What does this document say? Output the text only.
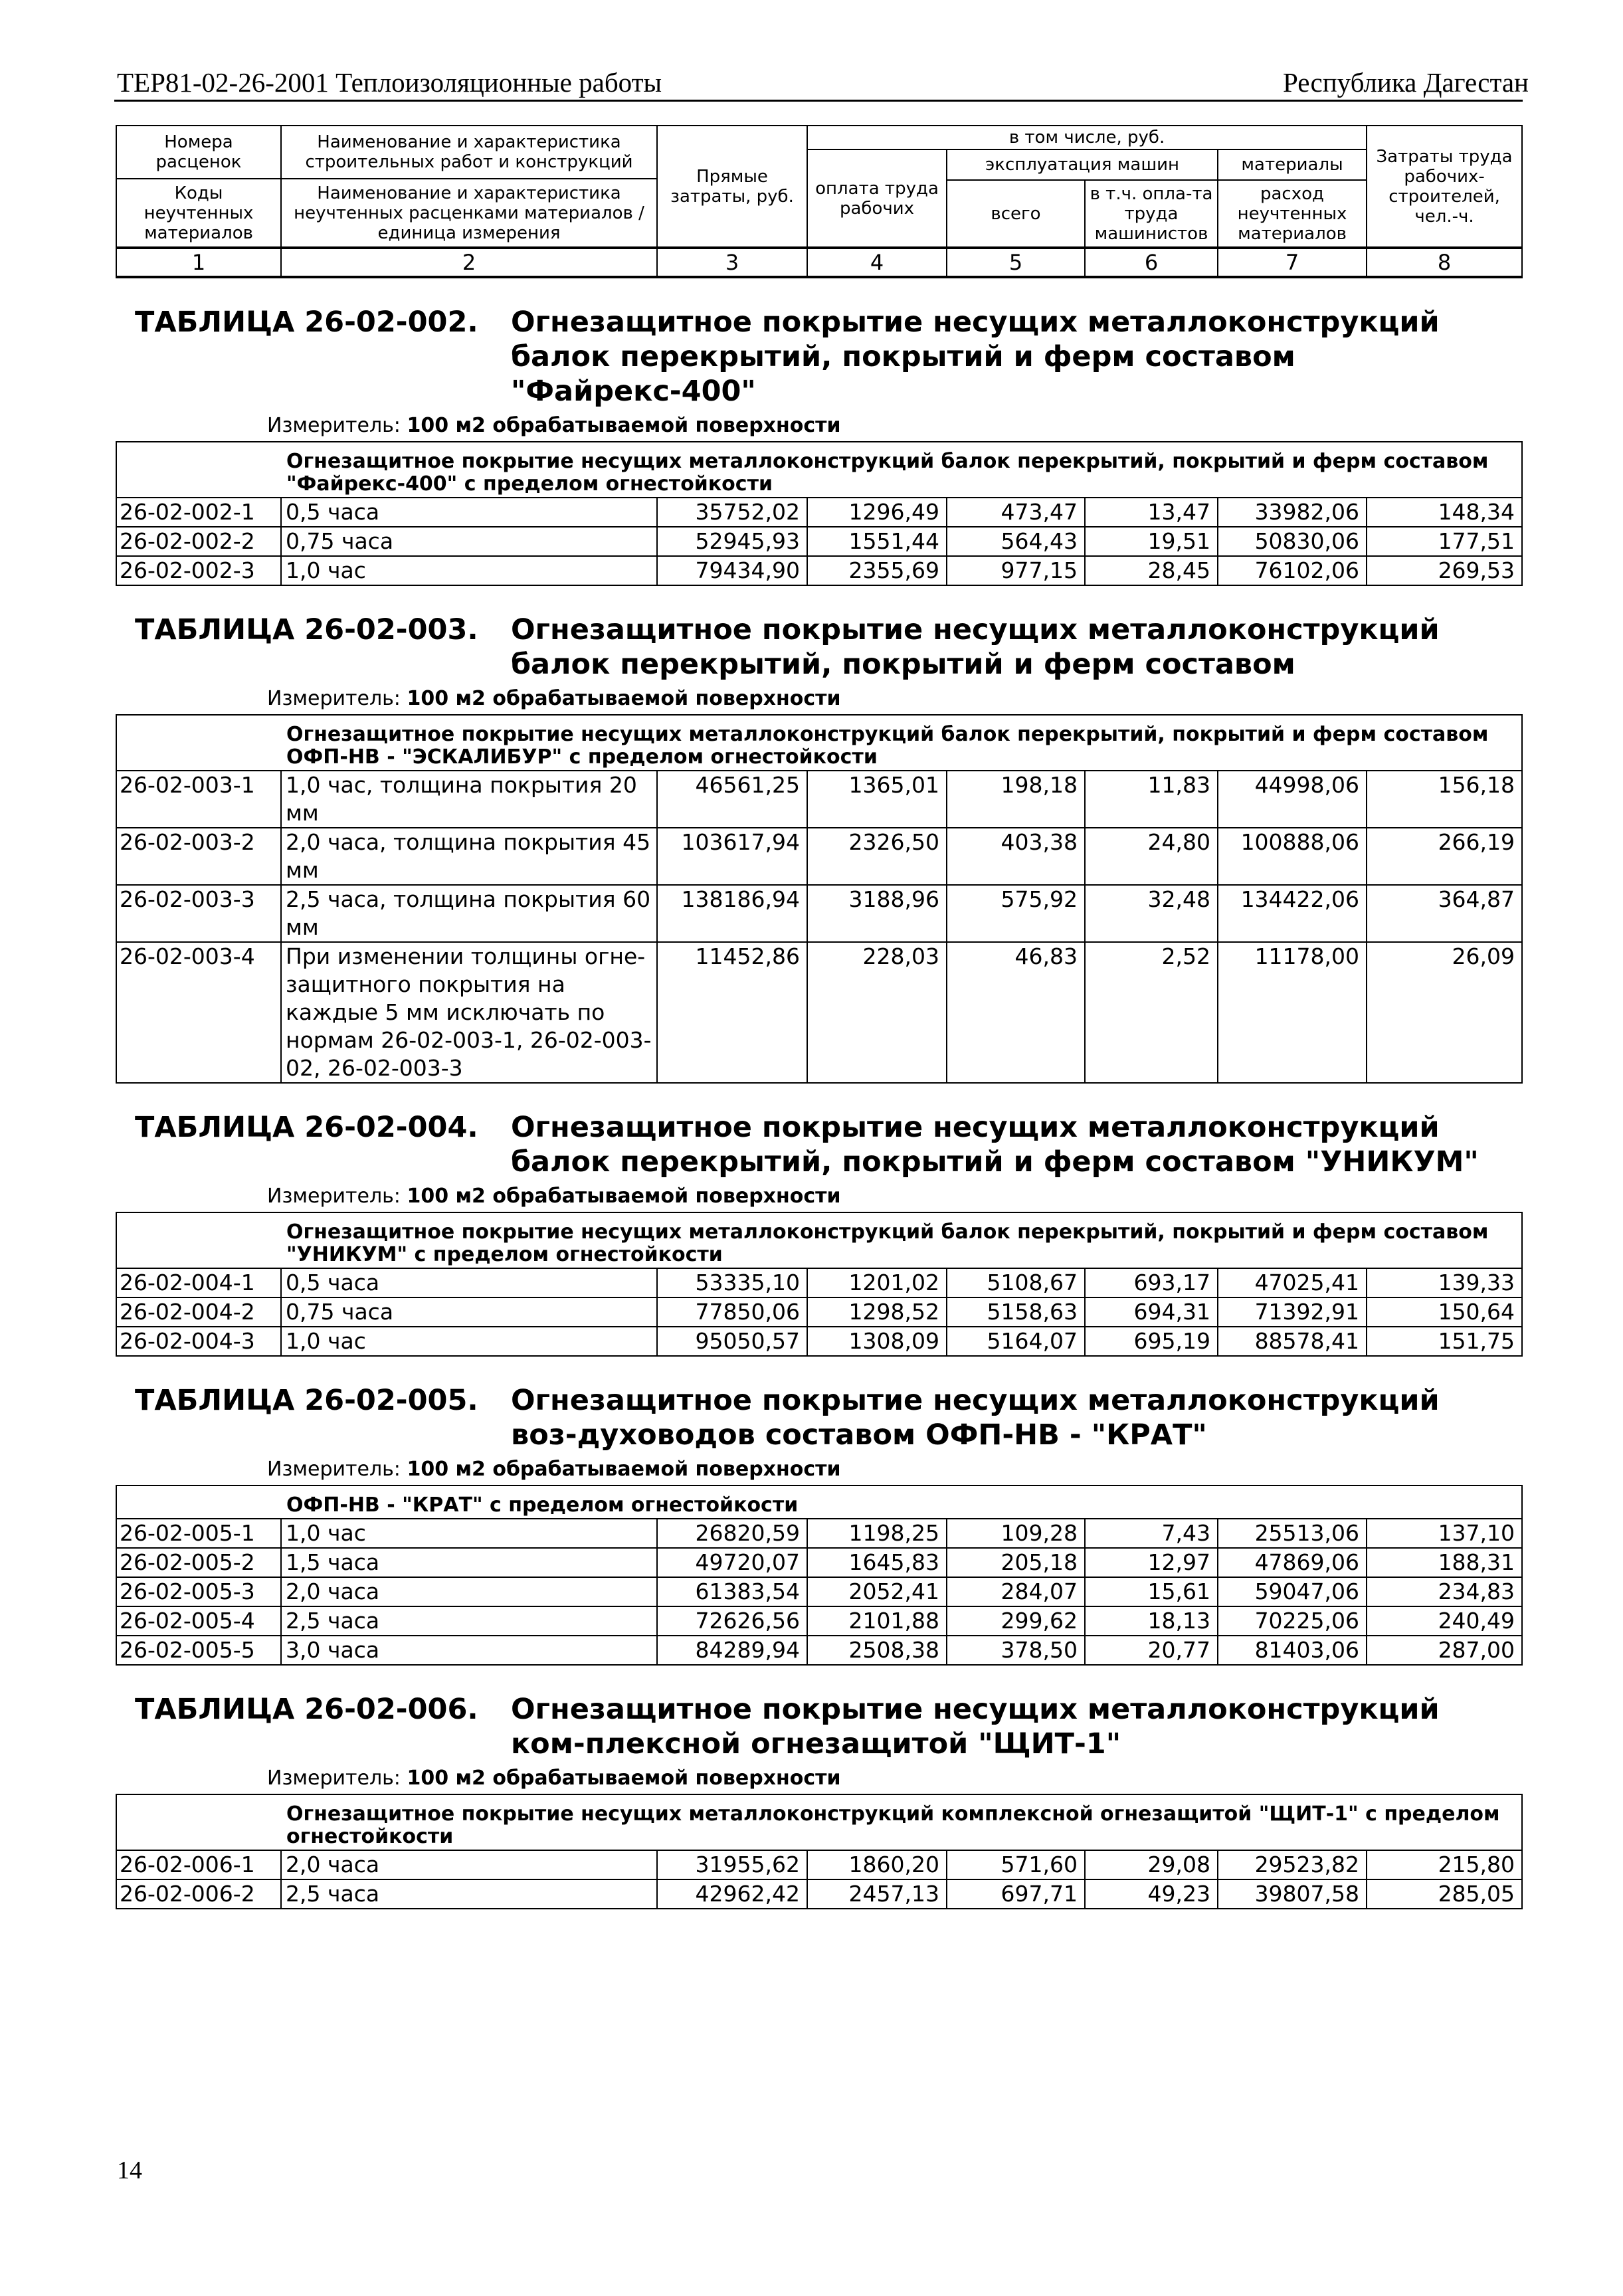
ТЕР81-02-26-2001 Теплоизоляционные работы	Республика Дагестан
Номера расценок	Наименование и характеристика строительных работ и конструкций	Прямые затраты, руб.	в том числе, руб.				Затраты труда рабочих-строителей, чел.-ч.
			оплата труда рабочих	эксплуатация машин		материалы	
Коды неучтенных материалов	Наименование и характеристика неучтенных расценками материалов / единица измерения						
				всего	в т.ч. опла-та труда машинистов	расход неучтенных материалов	
1	2	3	4	5	6	7	8

ТАБЛИЦА 26-02-002. Огнезащитное покрытие несущих металлоконструкций балок перекрытий, покрытий и ферм составом "Файрекс-400"							

Измеритель: 100 м2 обрабатываемой поверхности							
	Огнезащитное покрытие несущих металлоконструкций балок перекрытий, покрытий и ферм составом "Файрекс-400" с пределом огнестойкости						
26-02-002-1	0,5 часа	35752,02	1296,49	473,47	13,47	33982,06	148,34
26-02-002-2	0,75 часа	52945,93	1551,44	564,43	19,51	50830,06	177,51
26-02-002-3	1,0 час	79434,90	2355,69	977,15	28,45	76102,06	269,53

ТАБЛИЦА 26-02-003. Огнезащитное покрытие несущих металлоконструкций балок перекрытий, покрытий и ферм составом							

Измеритель: 100 м2 обрабатываемой поверхности							
	Огнезащитное покрытие несущих металлоконструкций балок перекрытий, покрытий и ферм составом ОФП-НВ - "ЭСКАЛИБУР" с пределом огнестойкости						
26-02-003-1	1,0 час, толщина покрытия 20 мм	46561,25	1365,01	198,18	11,83	44998,06	156,18
26-02-003-2	2,0 часа, толщина покрытия 45 мм	103617,94	2326,50	403,38	24,80	100888,06	266,19
26-02-003-3	2,5 часа, толщина покрытия 60 мм	138186,94	3188,96	575,92	32,48	134422,06	364,87
26-02-003-4	При изменении толщины огне-защитного покрытия на каждые 5 мм исключать по нормам 26-02-003-1, 26-02-003-02, 26-02-003-3	11452,86	228,03	46,83	2,52	11178,00	26,09

ТАБЛИЦА 26-02-004. Огнезащитное покрытие несущих металлоконструкций балок перекрытий, покрытий и ферм составом "УНИКУМ"							

Измеритель: 100 м2 обрабатываемой поверхности							
	Огнезащитное покрытие несущих металлоконструкций балок перекрытий, покрытий и ферм составом "УНИКУМ" с пределом огнестойкости						
26-02-004-1	0,5 часа	53335,10	1201,02	5108,67	693,17	47025,41	139,33
26-02-004-2	0,75 часа	77850,06	1298,52	5158,63	694,31	71392,91	150,64
26-02-004-3	1,0 час	95050,57	1308,09	5164,07	695,19	88578,41	151,75

ТАБЛИЦА 26-02-005. Огнезащитное покрытие несущих металлоконструкций воз-духоводов составом ОФП-НВ - "КРАТ"							

Измеритель: 100 м2 обрабатываемой поверхности							
	ОФП-НВ - "КРАТ" с пределом огнестойкости						
26-02-005-1	1,0 час	26820,59	1198,25	109,28	7,43	25513,06	137,10
26-02-005-2	1,5 часа	49720,07	1645,83	205,18	12,97	47869,06	188,31
26-02-005-3	2,0 часа	61383,54	2052,41	284,07	15,61	59047,06	234,83
26-02-005-4	2,5 часа	72626,56	2101,88	299,62	18,13	70225,06	240,49
26-02-005-5	3,0 часа	84289,94	2508,38	378,50	20,77	81403,06	287,00

ТАБЛИЦА 26-02-006. Огнезащитное покрытие несущих металлоконструкций ком-плексной огнезащитой "ЩИТ-1"							

Измеритель: 100 м2 обрабатываемой поверхности							
	Огнезащитное покрытие несущих металлоконструкций комплексной огнезащитой "ЩИТ-1" с пределом огнестойкости						
26-02-006-1	2,0 часа	31955,62	1860,20	571,60	29,08	29523,82	215,80
26-02-006-2	2,5 часа	42962,42	2457,13	697,71	49,23	39807,58	285,05
14
